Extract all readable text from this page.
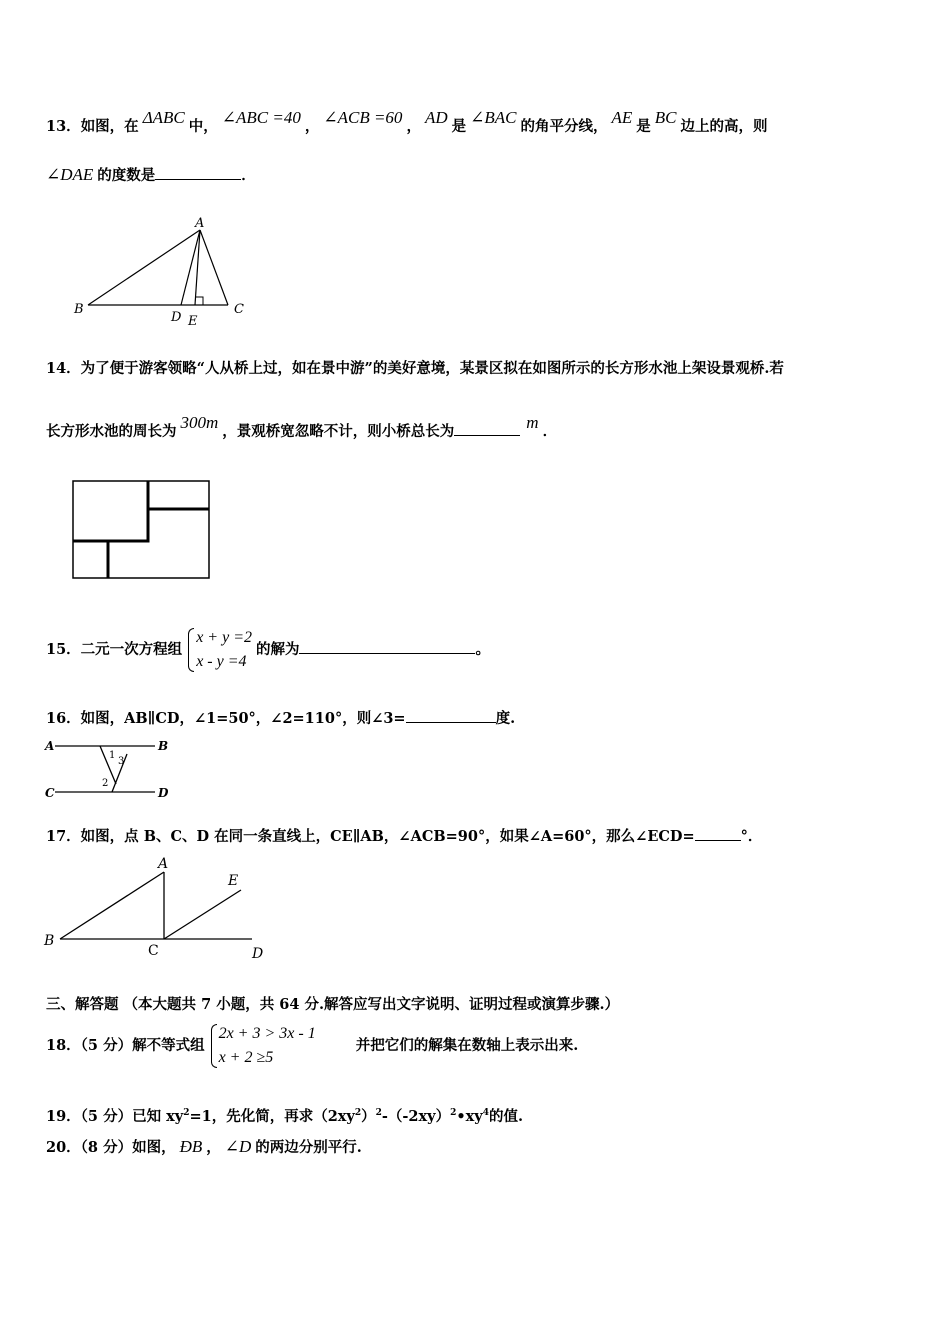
13．如图，在 ΔABC 中， ∠ABC =40 ， ∠ACB =60 ， AD 是 ∠BAC 的角平分线， AE 是 BC 边上的高，则
∠DAE 的度数是	．
A
B	C
D E
14．为了便于游客领略“人从桥上过，如在景中游”的美好意境，某景区拟在如图所示的长方形水池上架设景观桥.若
长方形水池的周长为 300m ，景观桥宽忽略不计，则小桥总长为	m ．
15．二元一次方程组
x + y =2
x - y =4
的解为	。
16．如图，AB∥CD，∠1=50°，∠2=110°，则∠3=	度.
A	B
C	D
1
2
3
17．如图，点 B、C、D 在同一条直线上，CE∥AB，∠ACB=90°，如果∠A=60°，那么∠ECD=	°．
A
B
C	D
E
三、解答题 （本大题共 7 小题，共 64 分.解答应写出文字说明、证明过程或演算步骤.）
18．（5 分）解不等式组
2x + 3 > 3x - 1
x + 2 ≥5
并把它们的解集在数轴上表示出来.
19．（5 分）已知 $xy^2=1$，先化简，再求$(2xy^2)^2-(-2xy)^2•xy^4$的值.
20．（8 分）如图， ÐB ， ∠D 的两边分别平行.
